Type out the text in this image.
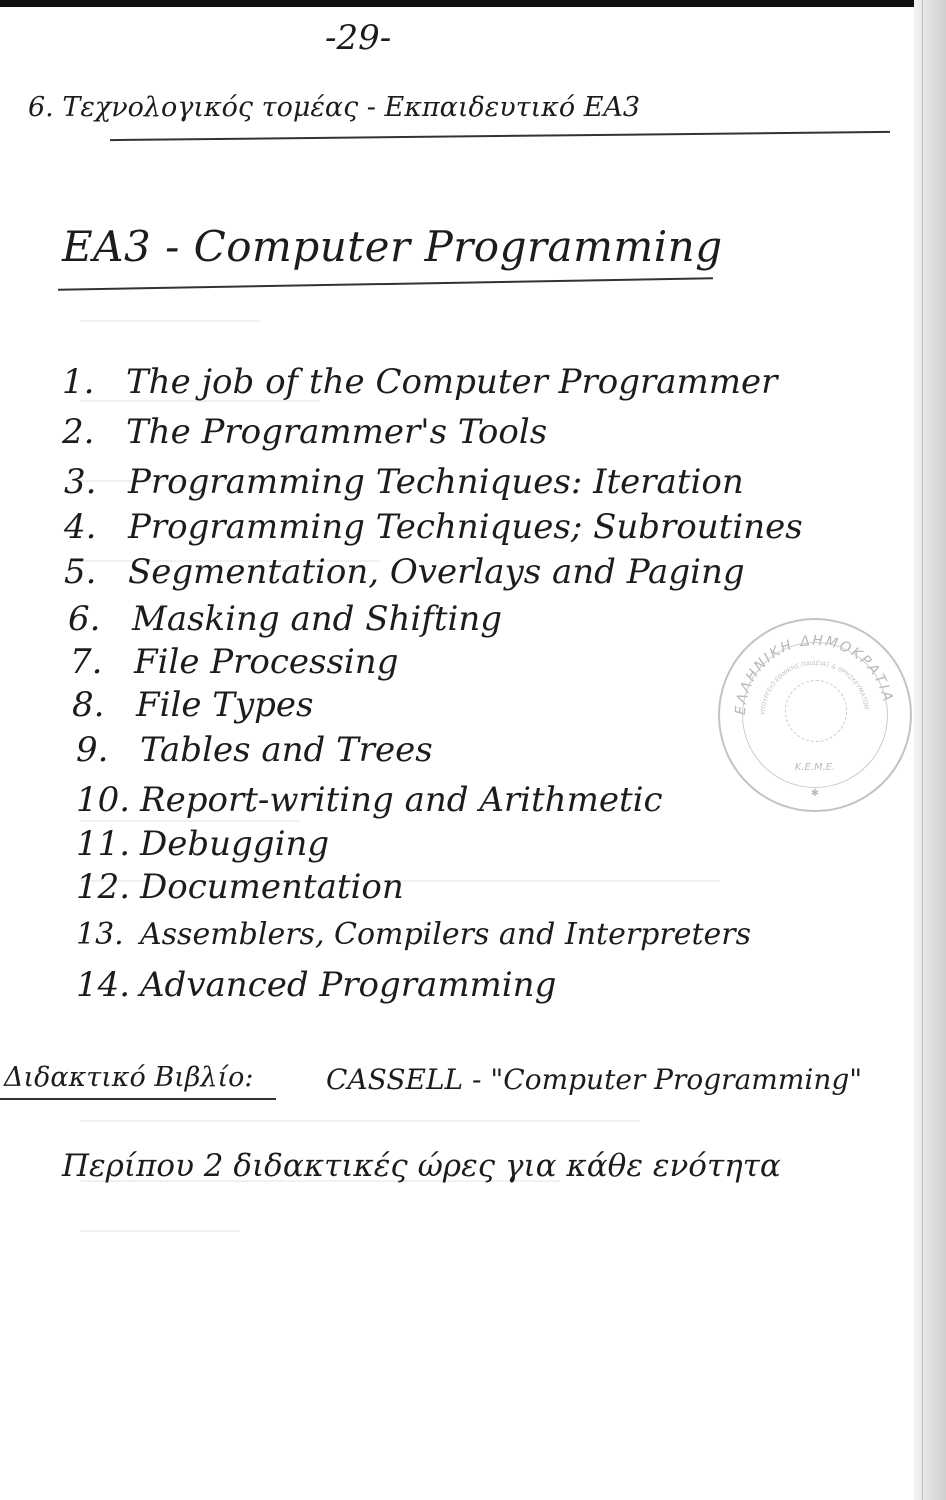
-29-
6. Τεχνολογικός τομέας - Εκπαιδευτικό ΕΑ3
ΕΑ3 - Computer Programming
1. The job of the Computer Programmer
2. The Programmer's Tools
3. Programming Techniques: Iteration
4. Programming Techniques; Subroutines
5. Segmentation, Overlays and Paging
6. Masking and Shifting
7. File Processing
8. File Types
9. Tables and Trees
10. Report-writing and Arithmetic
11. Debugging
12. Documentation
13. Assemblers, Compilers and Interpreters
14. Advanced Programming
ΕΛΛΗΝΙΚΗ ΔΗΜΟΚΡΑΤΙΑ
ΥΠΟΥΡΓΕΙΟ ΕΘΝΙΚΗΣ ΠΑΙΔΕΙΑΣ & ΘΡΗΣΚΕΥΜΑΤΩΝ
Κ.Ε.Μ.Ε.
✱
Διδακτικό Βιβλίο:	CASSELL - "Computer Programming"
Περίπου 2 διδακτικές ώρες για κάθε ενότητα
